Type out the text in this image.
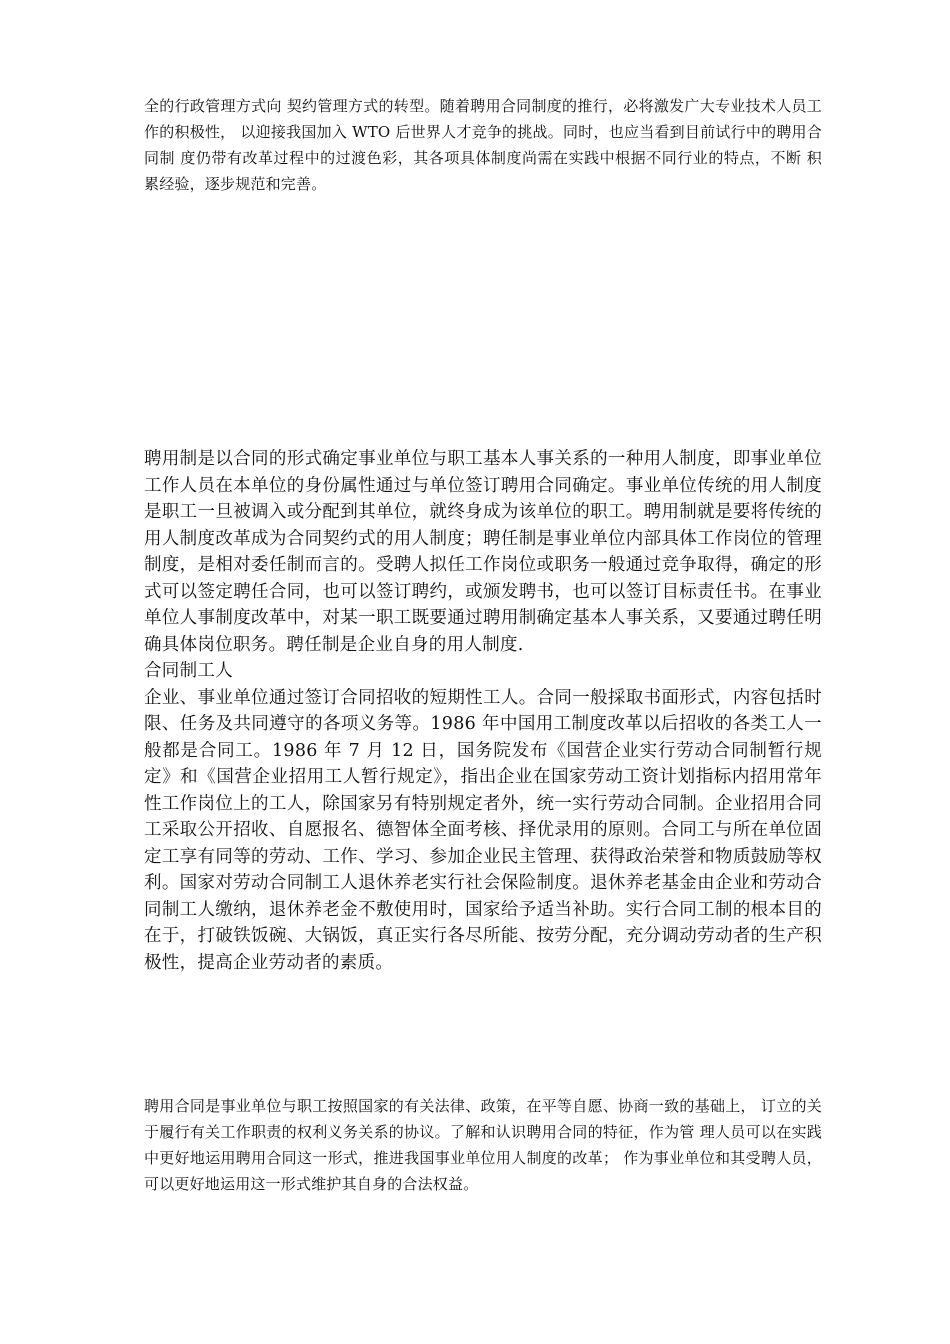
全的行政管理方式向 契约管理方式的转型。随着聘用合同制度的推行，必将激发广大专业技术人员工作的积极性， 以迎接我国加入 WTO 后世界人才竞争的挑战。同时，也应当看到目前试行中的聘用合同制 度仍带有改革过程中的过渡色彩，其各项具体制度尚需在实践中根据不同行业的特点，不断 积累经验，逐步规范和完善。

聘用制是以合同的形式确定事业单位与职工基本人事关系的一种用人制度，即事业单位工作人员在本单位的身份属性通过与单位签订聘用合同确定。事业单位传统的用人制度是职工一旦被调入或分配到其单位，就终身成为该单位的职工。聘用制就是要将传统的用人制度改革成为合同契约式的用人制度；聘任制是事业单位内部具体工作岗位的管理制度，是相对委任制而言的。受聘人拟任工作岗位或职务一般通过竞争取得，确定的形式可以签定聘任合同，也可以签订聘约，或颁发聘书，也可以签订目标责任书。在事业单位人事制度改革中，对某一职工既要通过聘用制确定基本人事关系，又要通过聘任明确具体岗位职务。聘任制是企业自身的用人制度.

合同制工人

企业、事业单位通过签订合同招收的短期性工人。合同一般採取书面形式，内容包括时限、任务及共同遵守的各项义务等。1986 年中国用工制度改革以后招收的各类工人一般都是合同工。1986 年 7 月 12 日，国务院发布《国营企业实行劳动合同制暂行规定》和《国营企业招用工人暂行规定》，指出企业在国家劳动工资计划指标内招用常年性工作岗位上的工人，除国家另有特别规定者外，统一实行劳动合同制。企业招用合同工采取公开招收、自愿报名、德智体全面考核、择优录用的原则。合同工与所在单位固定工享有同等的劳动、工作、学习、参加企业民主管理、获得政治荣誉和物质鼓励等权利。国家对劳动合同制工人退休养老实行社会保险制度。退休养老基金由企业和劳动合同制工人缴纳，退休养老金不敷使用时，国家给予适当补助。实行合同工制的根本目的在于，打破铁饭碗、大锅饭，真正实行各尽所能、按劳分配，充分调动劳动者的生产积极性，提高企业劳动者的素质。

聘用合同是事业单位与职工按照国家的有关法律、政策，在平等自愿、协商一致的基础上， 订立的关于履行有关工作职责的权利义务关系的协议。了解和认识聘用合同的特征，作为管 理人员可以在实践中更好地运用聘用合同这一形式，推进我国事业单位用人制度的改革； 作为事业单位和其受聘人员，可以更好地运用这一形式维护其自身的合法权益。
